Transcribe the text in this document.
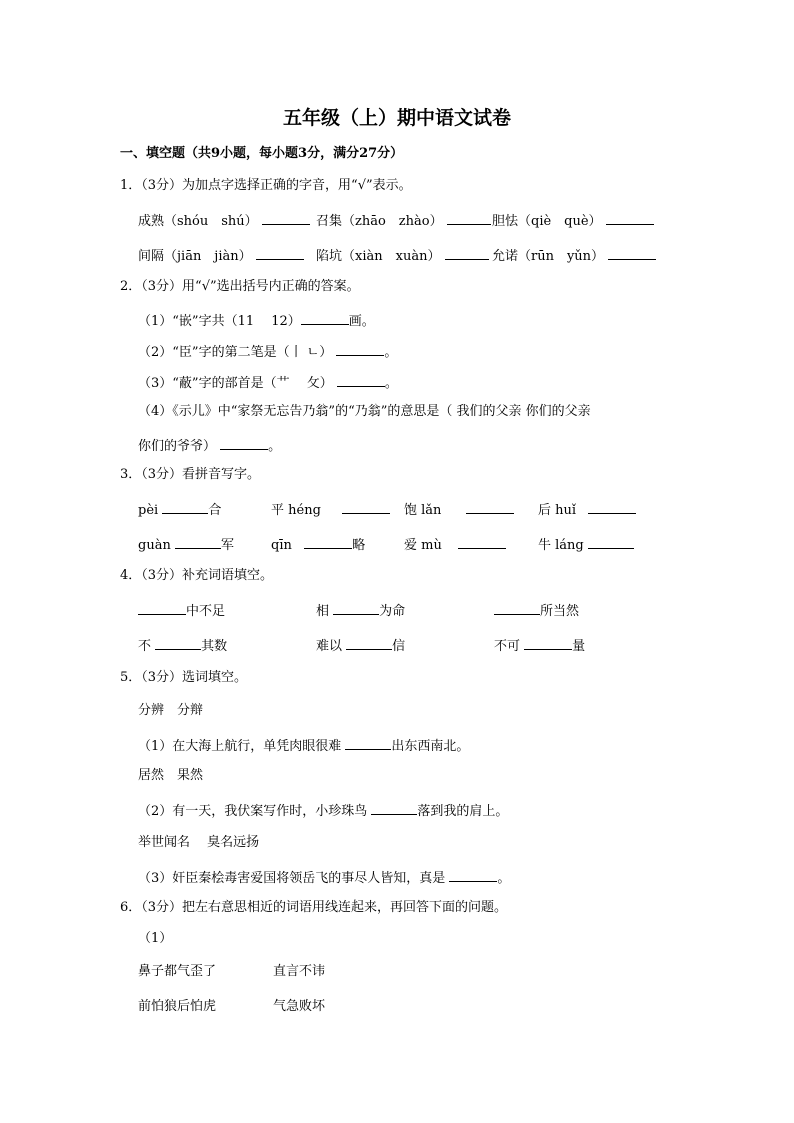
五年级（上）期中语文试卷
一、填空题（共9小题，每小题3分，满分27分）
1．（3分）为加点字选择正确的字音，用“√”表示。
成熟（shóu　shú）	召集（zhāo　zhào）	胆怯（qiè　què）
间隔（jiān　jiàn）	陷坑（xiàn　xuàn）	允诺（rūn　yǔn）
2．（3分）用“√”选出括号内正确的答案。
（1）“嵌”字共（11　 12）	画。
（2）“臣”字的第二笔是（丨 ㄴ）	。
（3）“蔽”字的部首是（艹　 攵）	。
（4）《示儿》中“家祭无忘告乃翁”的“乃翁”的意思是（ 我们的父亲 你们的父亲
你们的爷爷）	。
3．（3分）看拼音写字。
pèi	合	平 héng	饱 lǎn	后 huǐ
guàn	军	qīn	略	爱 mù	牛 láng
4．（3分）补充词语填空。
中不足	相	为命	所当然
不	其数	难以	信	不可	量
5．（3分）选词填空。
分辨　分辩
（1）在大海上航行，单凭肉眼很难	出东西南北。
居然　果然
（2）有一天，我伏案写作时，小珍珠鸟	落到我的肩上。
举世闻名　 臭名远扬
（3）奸臣秦桧毒害爱国将领岳飞的事尽人皆知，真是	。
6．（3分）把左右意思相近的词语用线连起来，再回答下面的问题。
（1）
鼻子都气歪了	直言不讳
前怕狼后怕虎	气急败坏
